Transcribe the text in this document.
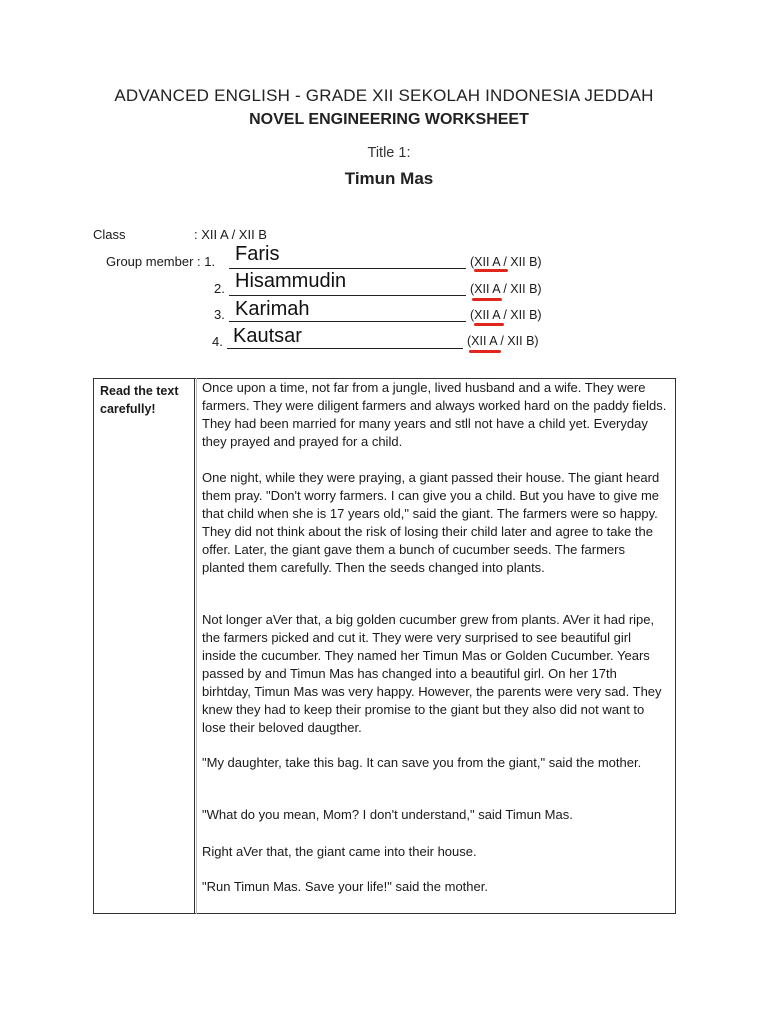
ADVANCED ENGLISH - GRADE XII SEKOLAH INDONESIA JEDDAH
NOVEL ENGINEERING WORKSHEET
Title 1:
Timun Mas
Class	: XII A / XII B
Group member : 1. Faris	(XII A / XII B)
2. Hisammudin	(XII A / XII B)
3. Karimah	(XII A / XII B)
4. Kautsar	(XII A / XII B)
Read the text carefully!

Once upon a time, not far from a jungle, lived husband and a wife. They were farmers. They were diligent farmers and always worked hard on the paddy fields. They had been married for many years and stll not have a child yet. Everyday they prayed and prayed for a child.

One night, while they were praying, a giant passed their house. The giant heard them pray. "Don't worry farmers. I can give you a child. But you have to give me that child when she is 17 years old," said the giant. The farmers were so happy. They did not think about the risk of losing their child later and agree to take the offer. Later, the giant gave them a bunch of cucumber seeds. The farmers planted them carefully. Then the seeds changed into plants.

Not longer aVer that, a big golden cucumber grew from plants. AVer it had ripe, the farmers picked and cut it. They were very surprised to see beautiful girl inside the cucumber. They named her Timun Mas or Golden Cucumber. Years passed by and Timun Mas has changed into a beautiful girl. On her 17th birhtday, Timun Mas was very happy. However, the parents were very sad. They knew they had to keep their promise to the giant but they also did not want to lose their beloved daugther.

"My daughter, take this bag. It can save you from the giant," said the mother.

"What do you mean, Mom? I don't understand," said Timun Mas.

Right aVer that, the giant came into their house.

"Run Timun Mas. Save your life!" said the mother.
